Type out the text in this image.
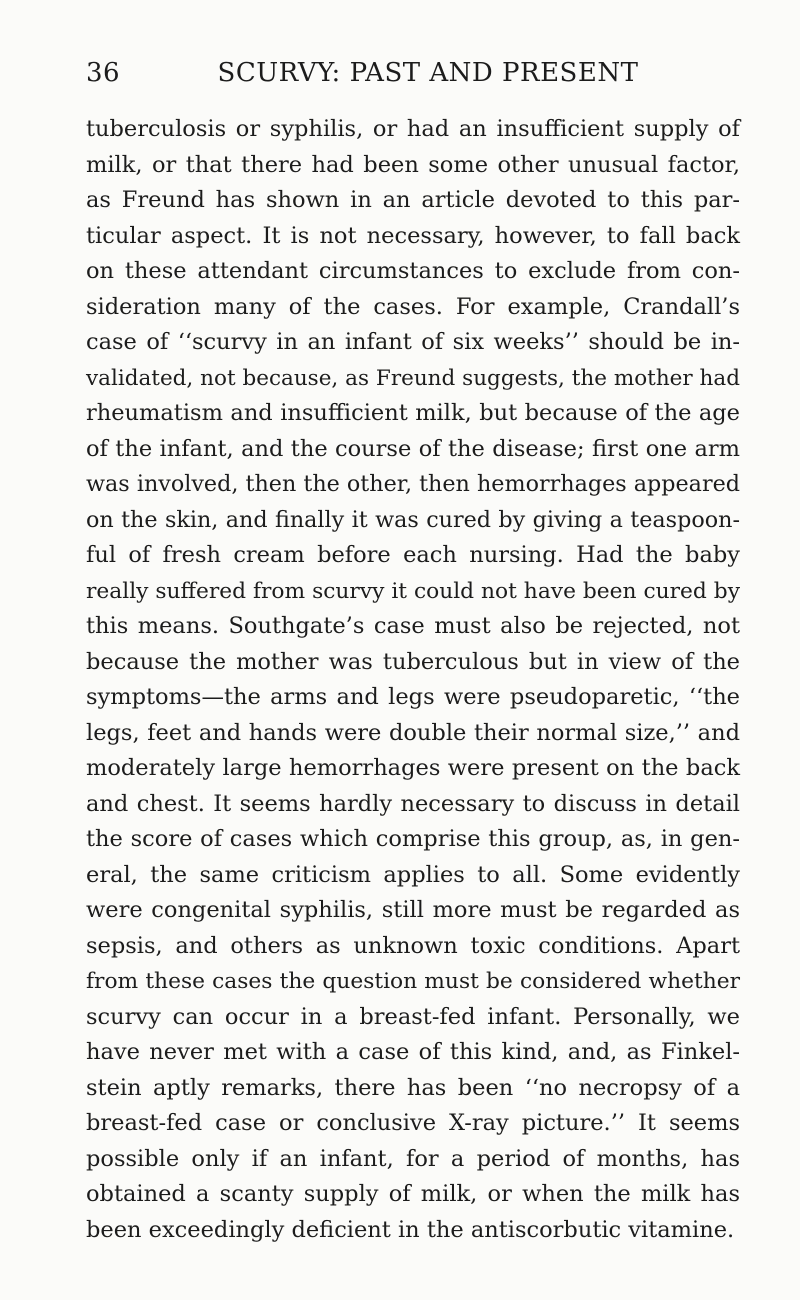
36	SCURVY: PAST AND PRESENT
tuberculosis or syphilis, or had an insufficient supply of
milk, or that there had been some other unusual factor,
as Freund has shown in an article devoted to this par-
ticular aspect. It is not necessary, however, to fall back
on these attendant circumstances to exclude from con-
sideration many of the cases. For example, Crandall’s
case of ‘‘scurvy in an infant of six weeks’’ should be in-
validated, not because, as Freund suggests, the mother had
rheumatism and insufficient milk, but because of the age
of the infant, and the course of the disease; first one arm
was involved, then the other, then hemorrhages appeared
on the skin, and finally it was cured by giving a teaspoon-
ful of fresh cream before each nursing. Had the baby
really suffered from scurvy it could not have been cured by
this means. Southgate’s case must also be rejected, not
because the mother was tuberculous but in view of the
symptoms—the arms and legs were pseudoparetic, ‘‘the
legs, feet and hands were double their normal size,’’ and
moderately large hemorrhages were present on the back
and chest. It seems hardly necessary to discuss in detail
the score of cases which comprise this group, as, in gen-
eral, the same criticism applies to all. Some evidently
were congenital syphilis, still more must be regarded as
sepsis, and others as unknown toxic conditions. Apart
from these cases the question must be considered whether
scurvy can occur in a breast-fed infant. Personally, we
have never met with a case of this kind, and, as Finkel-
stein aptly remarks, there has been ‘‘no necropsy of a
breast-fed case or conclusive X-ray picture.’’ It seems
possible only if an infant, for a period of months, has
obtained a scanty supply of milk, or when the milk has
been exceedingly deficient in the antiscorbutic vitamine.
